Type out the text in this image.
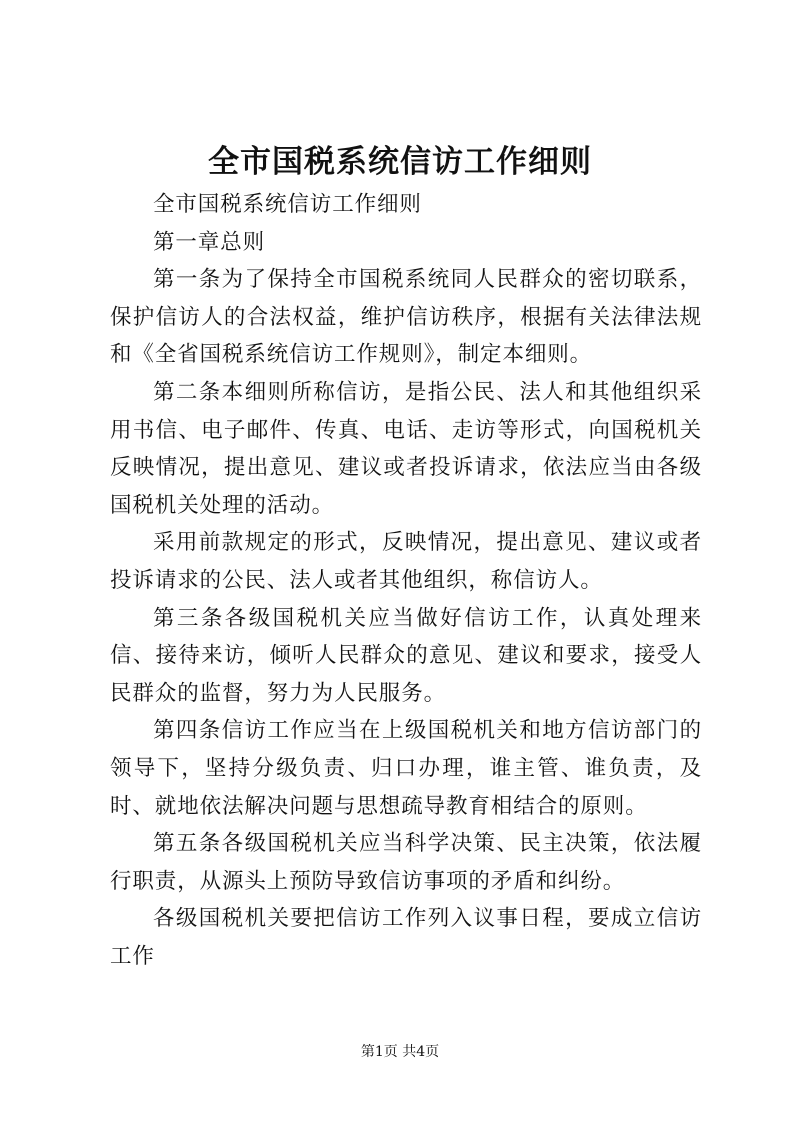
全市国税系统信访工作细则

全市国税系统信访工作细则

第一章总则

第一条为了保持全市国税系统同人民群众的密切联系，保护信访人的合法权益，维护信访秩序，根据有关法律法规和《全省国税系统信访工作规则》，制定本细则。

第二条本细则所称信访，是指公民、法人和其他组织采用书信、电子邮件、传真、电话、走访等形式，向国税机关反映情况，提出意见、建议或者投诉请求，依法应当由各级国税机关处理的活动。

采用前款规定的形式，反映情况，提出意见、建议或者投诉请求的公民、法人或者其他组织，称信访人。

第三条各级国税机关应当做好信访工作，认真处理来信、接待来访，倾听人民群众的意见、建议和要求，接受人民群众的监督，努力为人民服务。

第四条信访工作应当在上级国税机关和地方信访部门的领导下，坚持分级负责、归口办理，谁主管、谁负责，及时、就地依法解决问题与思想疏导教育相结合的原则。

第五条各级国税机关应当科学决策、民主决策，依法履行职责，从源头上预防导致信访事项的矛盾和纠纷。

各级国税机关要把信访工作列入议事日程，要成立信访工作

第1页 共4页
